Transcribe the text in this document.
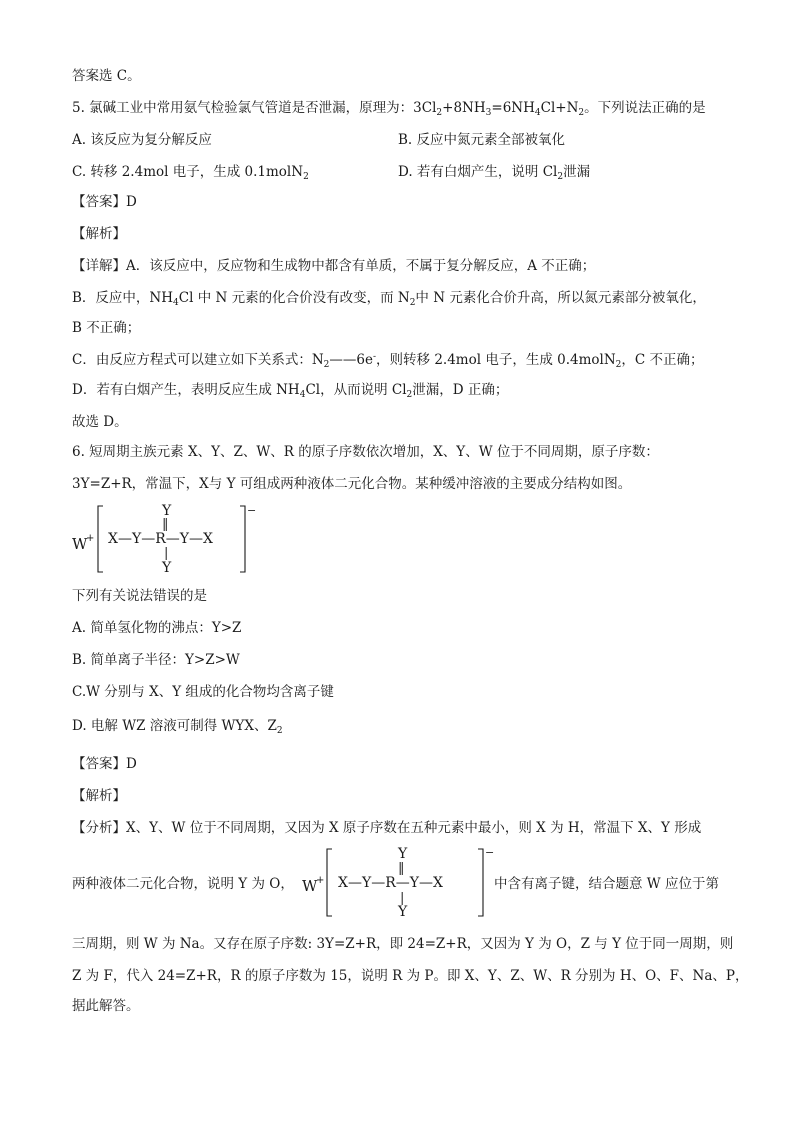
答案选 C。
5. 氯碱工业中常用氨气检验氯气管道是否泄漏，原理为：$3Cl_2+8NH_3=6NH_4Cl+N_2$。下列说法正确的是
A. 该反应为复分解反应	B. 反应中氮元素全部被氧化
C. 转移 2.4mol 电子，生成 0.1molN$_2$	D. 若有白烟产生，说明 $Cl_2$泄漏
【答案】D
【解析】
【详解】A．该反应中，反应物和生成物中都含有单质，不属于复分解反应，A 不正确；
B．反应中，$NH_4Cl$ 中 N 元素的化合价没有改变，而 $N_2$中 N 元素化合价升高，所以氮元素部分被氧化，
B 不正确；
C．由反应方程式可以建立如下关系式：$N_2——6e^-$，则转移 2.4mol 电子，生成 0.4molN$_2$，C 不正确；
D．若有白烟产生，表明反应生成 $NH_4Cl$，从而说明 $Cl_2$泄漏，D 正确；
故选 D。
6. 短周期主族元素 X、Y、Z、W、R 的原子序数依次增加，X、Y、W 位于不同周期，原子序数：
3Y=Z+R，常温下，X与 Y 可组成两种液体二元化合物。某种缓冲溶液的主要成分结构如图。
W
+
−
Y
‖
X—Y—R—Y—X
|
Y
下列有关说法错误的是
A. 简单氢化物的沸点：Y>Z
B. 简单离子半径：Y>Z>W
C.W 分别与 X、Y 组成的化合物均含离子键
D. 电解 WZ 溶液可制得 WYX、$Z_2$
【答案】D
【解析】
【分析】X、Y、W 位于不同周期，又因为 X 原子序数在五种元素中最小，则 X 为 H，常温下 X、Y 形成
两种液体二元化合物，说明 Y 为 O， W
+
−
Y
‖
X—Y—R—Y—X
|
Y
中含有离子键，结合题意 W 应位于第
三周期，则 W 为 Na。又存在原子序数: 3Y=Z+R，即 24=Z+R，又因为 Y 为 O，Z 与 Y 位于同一周期，则
Z 为 F，代入 24=Z+R，R 的原子序数为 15，说明 R 为 P。即 X、Y、Z、W、R 分别为 H、O、F、Na、P，
据此解答。
